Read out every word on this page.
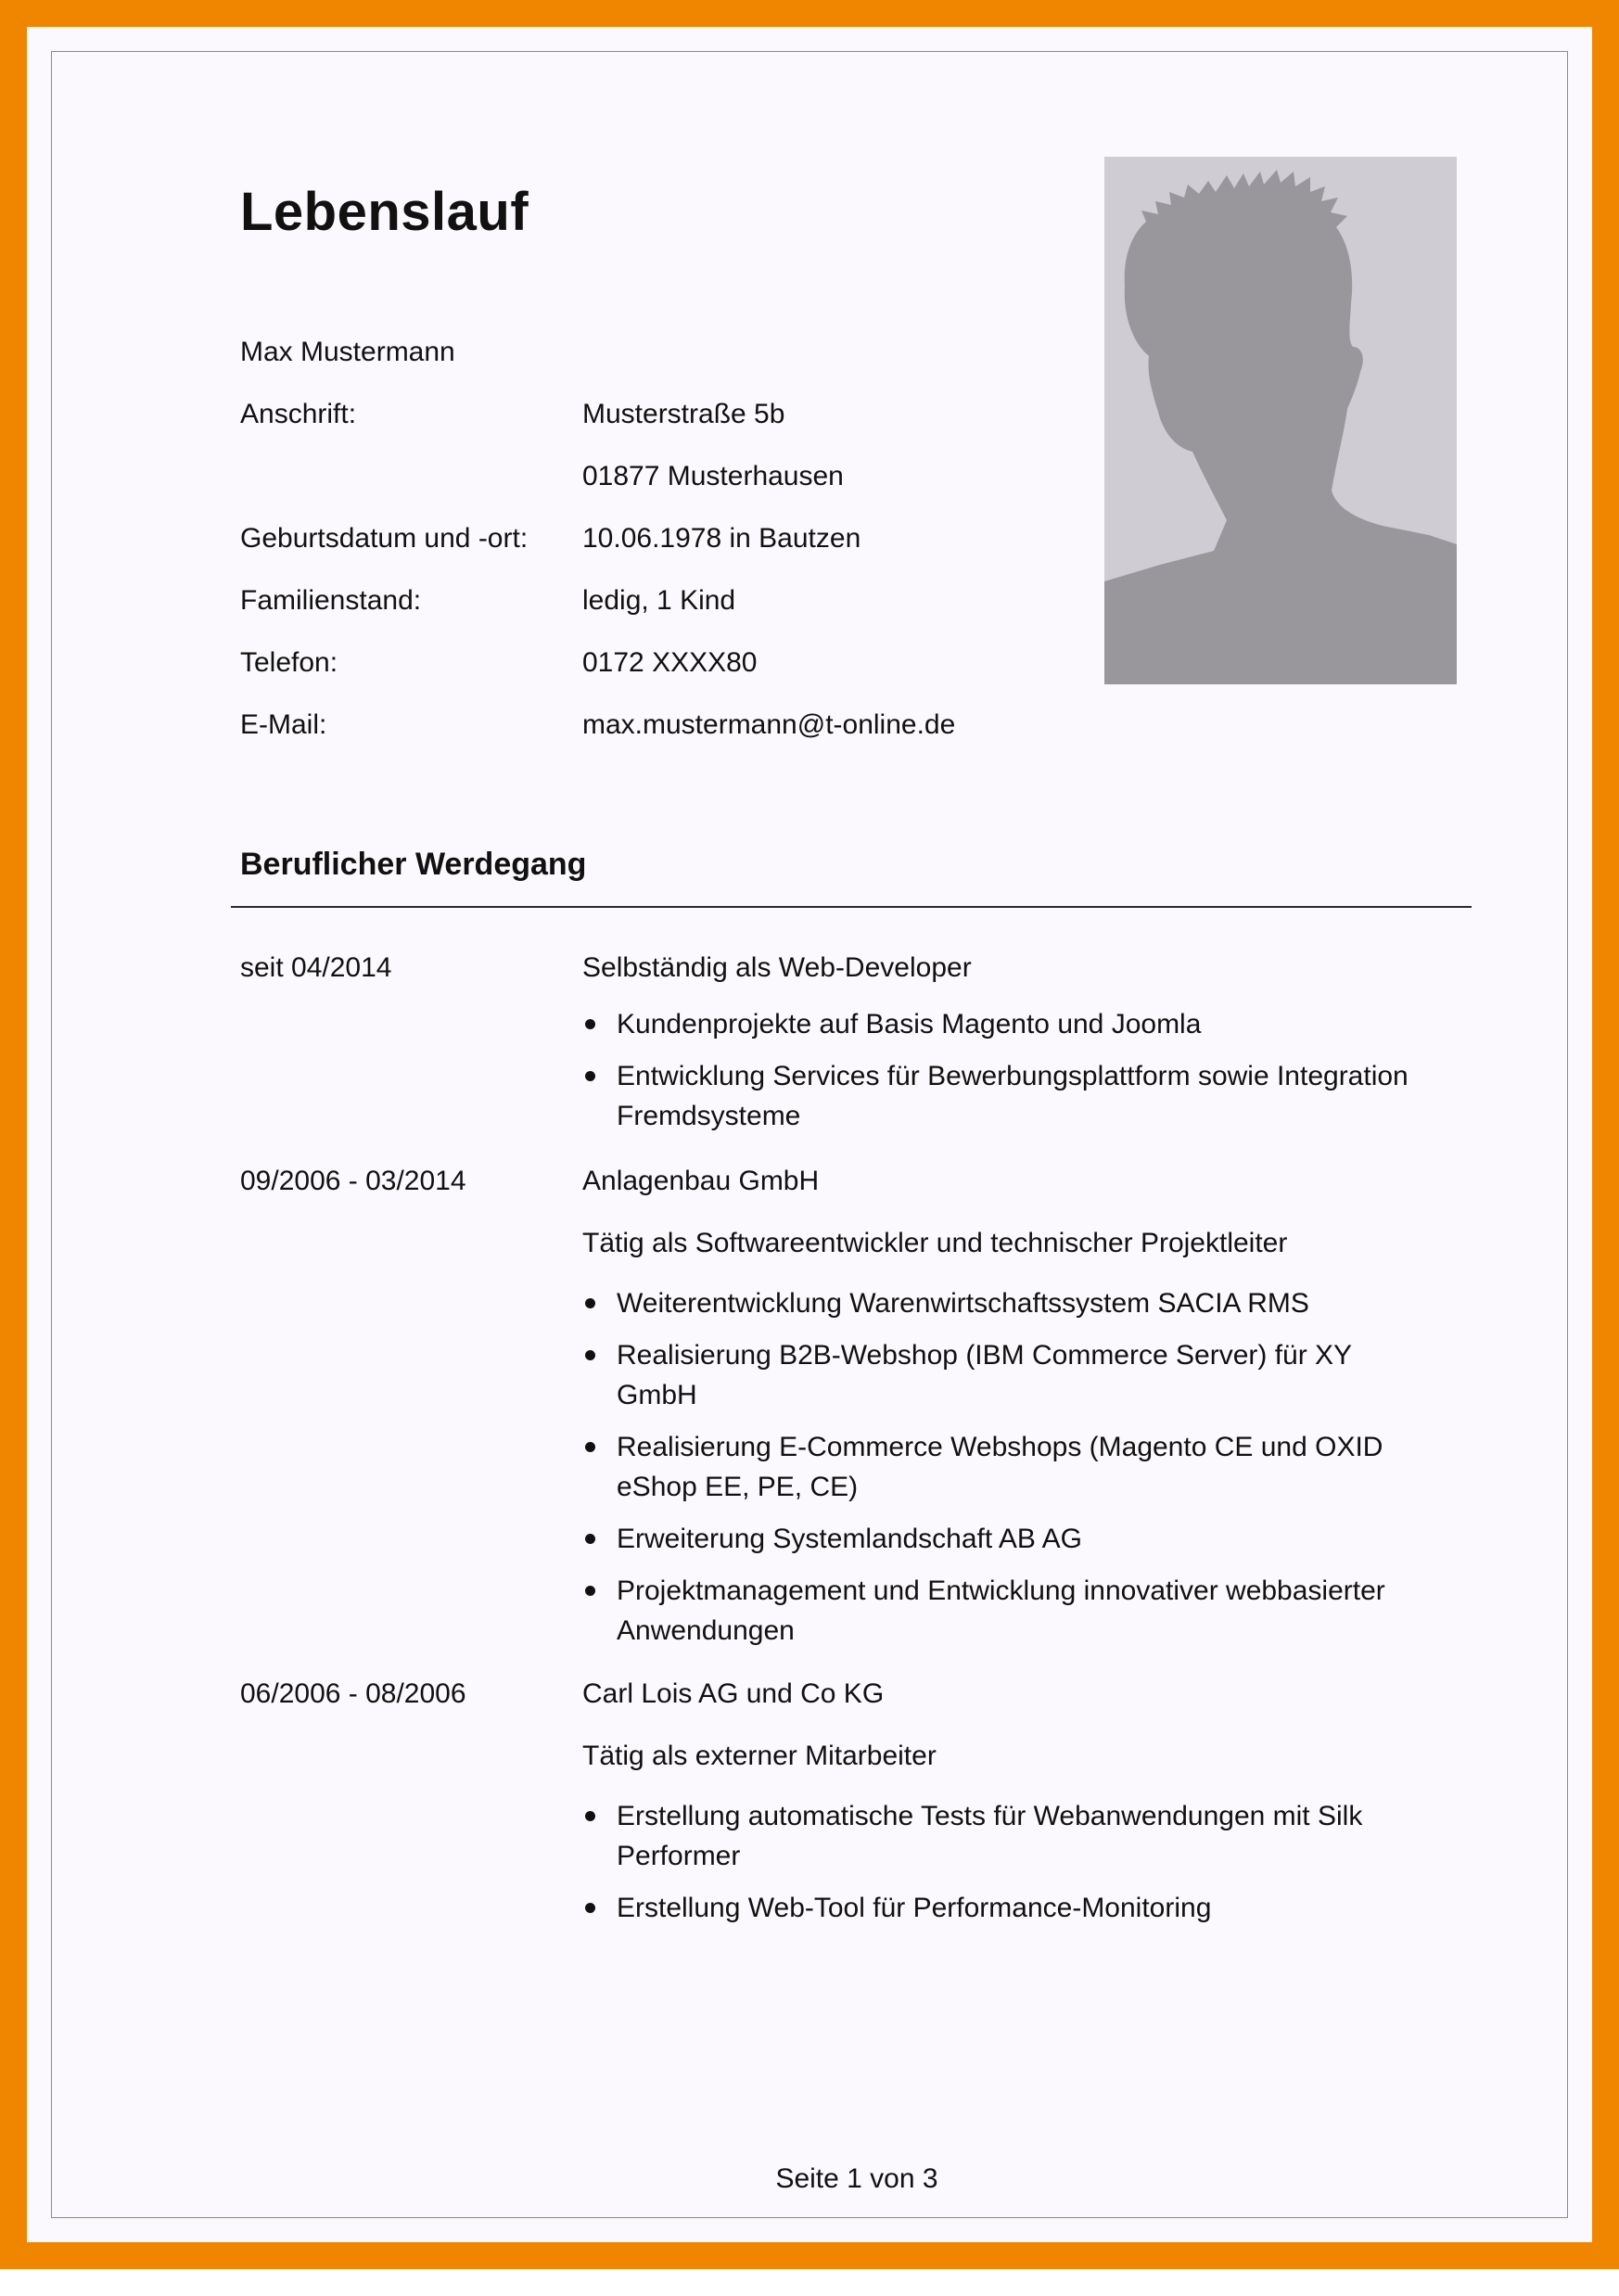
Lebenslauf
Max Mustermann
Anschrift:	Musterstraße 5b
01877 Musterhausen
Geburtsdatum und -ort: 10.06.1978 in Bautzen
Familienstand:	ledig, 1 Kind
Telefon:	0172 XXXX80
E-Mail:	max.mustermann@t-online.de
Beruflicher Werdegang
seit 04/2014	Selbständig als Web-Developer
Kundenprojekte auf Basis Magento und Joomla
Entwicklung Services für Bewerbungsplattform sowie Integration Fremdsysteme
09/2006 - 03/2014	Anlagenbau GmbH
Tätig als Softwareentwickler und technischer Projektleiter
Weiterentwicklung Warenwirtschaftssystem SACIA RMS
Realisierung B2B-Webshop (IBM Commerce Server) für XY GmbH
Realisierung E-Commerce Webshops (Magento CE und OXID eShop EE, PE, CE)
Erweiterung Systemlandschaft AB AG
Projektmanagement und Entwicklung innovativer webbasierter Anwendungen
06/2006 - 08/2006	Carl Lois AG und Co KG
Tätig als externer Mitarbeiter
Erstellung automatische Tests für Webanwendungen mit Silk Performer
Erstellung Web-Tool für Performance-Monitoring
Seite 1 von 3
